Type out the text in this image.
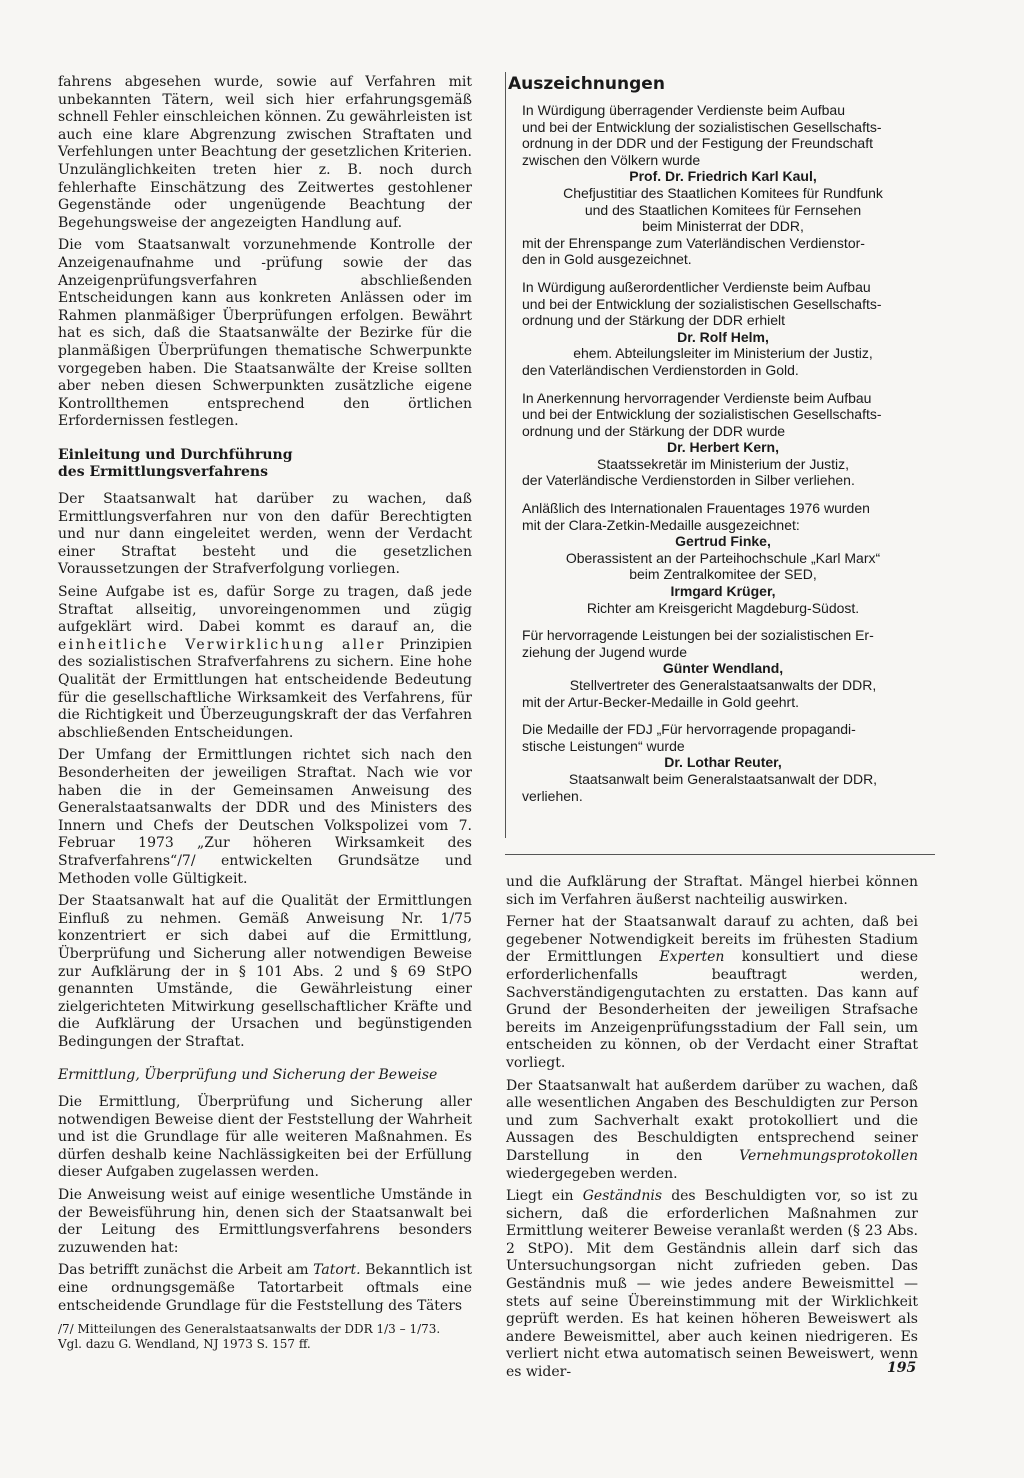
fahrens abgesehen wurde, sowie auf Verfahren mit unbekannten Tätern, weil sich hier erfahrungsgemäß schnell Fehler einschleichen können. Zu gewährleisten ist auch eine klare Abgrenzung zwischen Straftaten und Verfehlungen unter Beachtung der gesetzlichen Kriterien. Unzulänglichkeiten treten hier z. B. noch durch fehlerhafte Einschätzung des Zeitwertes gestohlener Gegenstände oder ungenügende Beachtung der Begehungsweise der angezeigten Handlung auf.

Die vom Staatsanwalt vorzunehmende Kontrolle der Anzeigenaufnahme und -prüfung sowie der das Anzeigenprüfungsverfahren abschließenden Entscheidungen kann aus konkreten Anlässen oder im Rahmen planmäßiger Überprüfungen erfolgen. Bewährt hat es sich, daß die Staatsanwälte der Bezirke für die planmäßigen Überprüfungen thematische Schwerpunkte vorgegeben haben. Die Staatsanwälte der Kreise sollten aber neben diesen Schwerpunkten zusätzliche eigene Kontrollthemen entsprechend den örtlichen Erfordernissen festlegen.

Einleitung und Durchführung
des Ermittlungsverfahrens

Der Staatsanwalt hat darüber zu wachen, daß Ermittlungsverfahren nur von den dafür Berechtigten und nur dann eingeleitet werden, wenn der Verdacht einer Straftat besteht und die gesetzlichen Voraussetzungen der Strafverfolgung vorliegen.

Seine Aufgabe ist es, dafür Sorge zu tragen, daß jede Straftat allseitig, unvoreingenommen und zügig aufgeklärt wird. Dabei kommt es darauf an, die einheitliche Verwirklichung aller Prinzipien des sozialistischen Strafverfahrens zu sichern. Eine hohe Qualität der Ermittlungen hat entscheidende Bedeutung für die gesellschaftliche Wirksamkeit des Verfahrens, für die Richtigkeit und Überzeugungskraft der das Verfahren abschließenden Entscheidungen.

Der Umfang der Ermittlungen richtet sich nach den Besonderheiten der jeweiligen Straftat. Nach wie vor haben die in der Gemeinsamen Anweisung des Generalstaatsanwalts der DDR und des Ministers des Innern und Chefs der Deutschen Volkspolizei vom 7. Februar 1973 „Zur höheren Wirksamkeit des Strafverfahrens“/7/ entwickelten Grundsätze und Methoden volle Gültigkeit.

Der Staatsanwalt hat auf die Qualität der Ermittlungen Einfluß zu nehmen. Gemäß Anweisung Nr. 1/75 konzentriert er sich dabei auf die Ermittlung, Überprüfung und Sicherung aller notwendigen Beweise zur Aufklärung der in § 101 Abs. 2 und § 69 StPO genannten Umstände, die Gewährleistung einer zielgerichteten Mitwirkung gesellschaftlicher Kräfte und die Aufklärung der Ursachen und begünstigenden Bedingungen der Straftat.

Ermittlung, Überprüfung und Sicherung der Beweise

Die Ermittlung, Überprüfung und Sicherung aller notwendigen Beweise dient der Feststellung der Wahrheit und ist die Grundlage für alle weiteren Maßnahmen. Es dürfen deshalb keine Nachlässigkeiten bei der Erfüllung dieser Aufgaben zugelassen werden.

Die Anweisung weist auf einige wesentliche Umstände in der Beweisführung hin, denen sich der Staatsanwalt bei der Leitung des Ermittlungsverfahrens besonders zuzuwenden hat:

Das betrifft zunächst die Arbeit am Tatort. Bekanntlich ist eine ordnungsgemäße Tatortarbeit oftmals eine entscheidende Grundlage für die Feststellung des Täters

/7/ Mitteilungen des Generalstaatsanwalts der DDR 1/3 – 1/73.
Vgl. dazu G. Wendland, NJ 1973 S. 157 ff.
Auszeichnungen
In Würdigung überragender Verdienste beim Aufbau
und bei der Entwicklung der sozialistischen Gesellschafts-
ordnung in der DDR und der Festigung der Freundschaft
zwischen den Völkern wurde
Prof. Dr. Friedrich Karl Kaul,
Chefjustitiar des Staatlichen Komitees für Rundfunk
und des Staatlichen Komitees für Fernsehen
beim Ministerrat der DDR,
mit der Ehrenspange zum Vaterländischen Verdienstor-
den in Gold ausgezeichnet.
In Würdigung außerordentlicher Verdienste beim Aufbau
und bei der Entwicklung der sozialistischen Gesellschafts-
ordnung und der Stärkung der DDR erhielt
Dr. Rolf Helm,
ehem. Abteilungsleiter im Ministerium der Justiz,
den Vaterländischen Verdienstorden in Gold.
In Anerkennung hervorragender Verdienste beim Aufbau
und bei der Entwicklung der sozialistischen Gesellschafts-
ordnung und der Stärkung der DDR wurde
Dr. Herbert Kern,
Staatssekretär im Ministerium der Justiz,
der Vaterländische Verdienstorden in Silber verliehen.
Anläßlich des Internationalen Frauentages 1976 wurden
mit der Clara-Zetkin-Medaille ausgezeichnet:
Gertrud Finke,
Oberassistent an der Parteihochschule „Karl Marx“
beim Zentralkomitee der SED,
Irmgard Krüger,
Richter am Kreisgericht Magdeburg-Südost.
Für hervorragende Leistungen bei der sozialistischen Er-
ziehung der Jugend wurde
Günter Wendland,
Stellvertreter des Generalstaatsanwalts der DDR,
mit der Artur-Becker-Medaille in Gold geehrt.
Die Medaille der FDJ „Für hervorragende propagandi-
stische Leistungen“ wurde
Dr. Lothar Reuter,
Staatsanwalt beim Generalstaatsanwalt der DDR,
verliehen.

und die Aufklärung der Straftat. Mängel hierbei können sich im Verfahren äußerst nachteilig auswirken.

Ferner hat der Staatsanwalt darauf zu achten, daß bei gegebener Notwendigkeit bereits im frühesten Stadium der Ermittlungen Experten konsultiert und diese erforderlichenfalls beauftragt werden, Sachverständigengutachten zu erstatten. Das kann auf Grund der Besonderheiten der jeweiligen Strafsache bereits im Anzeigenprüfungsstadium der Fall sein, um entscheiden zu können, ob der Verdacht einer Straftat vorliegt.

Der Staatsanwalt hat außerdem darüber zu wachen, daß alle wesentlichen Angaben des Beschuldigten zur Person und zum Sachverhalt exakt protokolliert und die Aussagen des Beschuldigten entsprechend seiner Darstellung in den	Vernehmungsprotokollen wiedergegeben werden.

Liegt ein Geständnis des Beschuldigten vor, so ist zu sichern, daß die erforderlichen Maßnahmen zur Ermittlung weiterer Beweise veranlaßt werden (§ 23 Abs. 2 StPO). Mit dem Geständnis allein darf sich das Untersuchungsorgan nicht zufrieden geben. Das Geständnis muß — wie jedes andere Beweismittel — stets auf seine Übereinstimmung mit der Wirklichkeit geprüft werden. Es hat keinen höheren Beweiswert als andere Beweismittel, aber auch keinen niedrigeren. Es verliert nicht etwa automatisch seinen Beweiswert, wenn es wider-	195
